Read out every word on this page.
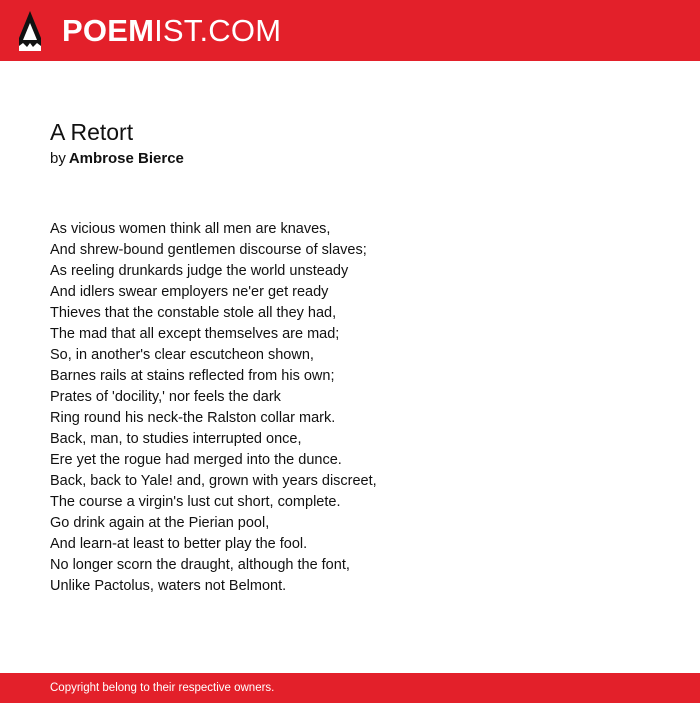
POEMIST.COM
A Retort
by Ambrose Bierce
As vicious women think all men are knaves,
And shrew-bound gentlemen discourse of slaves;
As reeling drunkards judge the world unsteady
And idlers swear employers ne'er get ready
Thieves that the constable stole all they had,
The mad that all except themselves are mad;
So, in another's clear escutcheon shown,
Barnes rails at stains reflected from his own;
Prates of 'docility,' nor feels the dark
Ring round his neck-the Ralston collar mark.
Back, man, to studies interrupted once,
Ere yet the rogue had merged into the dunce.
Back, back to Yale! and, grown with years discreet,
The course a virgin's lust cut short, complete.
Go drink again at the Pierian pool,
And learn-at least to better play the fool.
No longer scorn the draught, although the font,
Unlike Pactolus, waters not Belmont.
Copyright belong to their respective owners.
